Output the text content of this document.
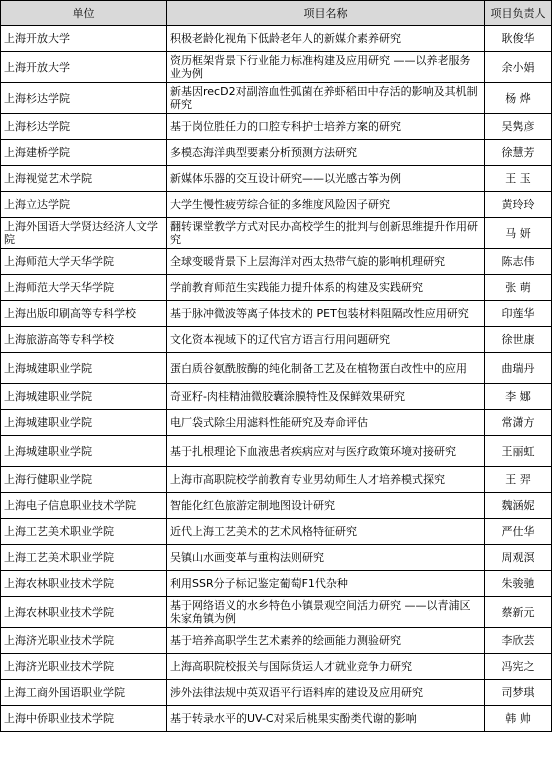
单位	项目名称	项目负责人
上海开放大学	积极老龄化视角下低龄老年人的新媒介素养研究	耿俊华
上海开放大学	资历框架背景下行业能力标准构建及应用研究 ——以养老服务业为例	余小娟
上海杉达学院	新基因recD2对副溶血性弧菌在养虾稻田中存活的影响及其机制研究	杨 烨
上海杉达学院	基于岗位胜任力的口腔专科护士培养方案的研究	吴隽彦
上海建桥学院	多模态海洋典型要素分析预测方法研究	徐慧芳
上海视觉艺术学院	新媒体乐器的交互设计研究——以光感古筝为例	王 玉
上海立达学院	大学生慢性疲劳综合征的多维度风险因子研究	黄玲玲
上海外国语大学贤达经济人文学院	翻转课堂教学方式对民办高校学生的批判与创新思维提升作用研究	马 妍
上海师范大学天华学院	全球变暖背景下上层海洋对西太热带气旋的影响机理研究	陈志伟
上海师范大学天华学院	学前教育师范生实践能力提升体系的构建及实践研究	张 萌
上海出版印刷高等专科学校	基于脉冲微波等离子体技术的 PET包装材料阻隔改性应用研究	印莲华
上海旅游高等专科学校	文化资本视域下的辽代官方语言行用问题研究	徐世康
上海城建职业学院	蛋白质谷氨酰胺酶的纯化制备工艺及在植物蛋白改性中的应用	曲瑞丹
上海城建职业学院	奇亚籽-肉桂精油微胶囊涂膜特性及保鲜效果研究	李 娜
上海城建职业学院	电厂袋式除尘用滤料性能研究及寿命评估	常潇方
上海城建职业学院	基于扎根理论下血液患者疾病应对与医疗政策环境对接研究	王丽虹
上海行健职业学院	上海市高职院校学前教育专业男幼师生人才培养模式探究	王 羿
上海电子信息职业技术学院	智能化红色旅游定制地图设计研究	魏涵妮
上海工艺美术职业学院	近代上海工艺美术的艺术风格特征研究	严仕华
上海工艺美术职业学院	吴镇山水画变革与重构法则研究	周观溟
上海农林职业技术学院	利用SSR分子标记鉴定葡萄F1代杂种	朱骏驰
上海农林职业技术学院	基于网络语义的水乡特色小镇景观空间活力研究 ——以青浦区朱家角镇为例	蔡新元
上海济光职业技术学院	基于培养高职学生艺术素养的绘画能力测验研究	李欣芸
上海济光职业技术学院	上海高职院校报关与国际货运人才就业竞争力研究	冯宪之
上海工商外国语职业学院	涉外法律法规中英双语平行语料库的建设及应用研究	司梦琪
上海中侨职业技术学院	基于转录水平的UV-C对采后桃果实酚类代谢的影响	韩 帅
